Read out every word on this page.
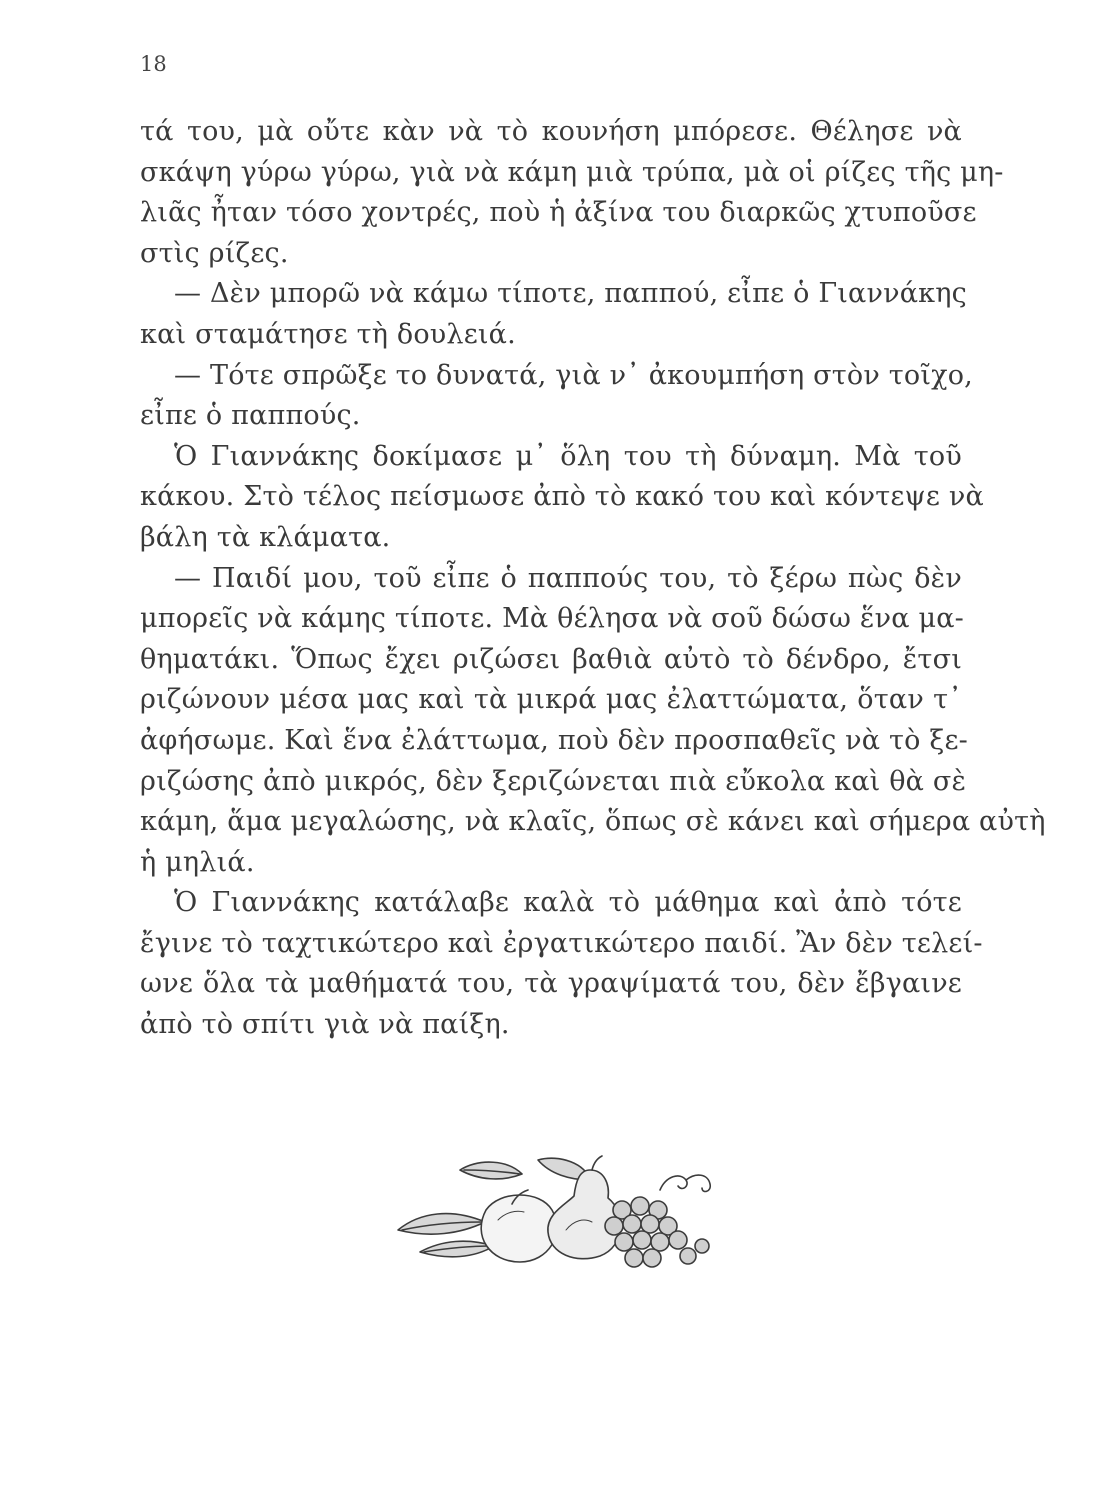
18
τά του, μὰ οὔτε κὰν νὰ τὸ κουνήση μπόρεσε. Θέλησε νὰ
σκάψη γύρω γύρω, γιὰ νὰ κάμη μιὰ τρύπα, μὰ οἱ ρίζες τῆς μη-
λιᾶς ἦταν τόσο χοντρές, ποὺ ἡ ἀξίνα του διαρκῶς χτυποῦσε
στὶς ρίζες.
— Δὲν μπορῶ νὰ κάμω τίποτε, παππού, εἶπε ὁ Γιαννάκης
καὶ σταμάτησε τὴ δουλειά.
— Τότε σπρῶξε το δυνατά, γιὰ ν᾿ ἀκουμπήση στὸν τοῖχο,
εἶπε ὁ παππούς.
Ὁ Γιαννάκης δοκίμασε μ᾿ ὅλη του τὴ δύναμη. Μὰ τοῦ
κάκου. Στὸ τέλος πείσμωσε ἀπὸ τὸ κακό του καὶ κόντεψε νὰ
βάλη τὰ κλάματα.
— Παιδί μου, τοῦ εἶπε ὁ παππούς του, τὸ ξέρω πὼς δὲν
μπορεῖς νὰ κάμης τίποτε. Μὰ θέλησα νὰ σοῦ δώσω ἕνα μα-
θηματάκι. Ὅπως ἔχει ριζώσει βαθιὰ αὐτὸ τὸ δένδρο, ἔτσι
ριζώνουν μέσα μας καὶ τὰ μικρά μας ἐλαττώματα, ὅταν τ᾿
ἀφήσωμε. Καὶ ἕνα ἐλάττωμα, ποὺ δὲν προσπαθεῖς νὰ τὸ ξε-
ριζώσης ἀπὸ μικρός, δὲν ξεριζώνεται πιὰ εὔκολα καὶ θὰ σὲ
κάμη, ἅμα μεγαλώσης, νὰ κλαῖς, ὅπως σὲ κάνει καὶ σήμερα αὐτὴ
ἡ μηλιά.
Ὁ Γιαννάκης κατάλαβε καλὰ τὸ μάθημα καὶ ἀπὸ τότε
ἔγινε τὸ ταχτικώτερο καὶ ἐργατικώτερο παιδί. Ἂν δὲν τελεί-
ωνε ὅλα τὰ μαθήματά του, τὰ γραψίματά του, δὲν ἔβγαινε
ἀπὸ τὸ σπίτι γιὰ νὰ παίξη.
